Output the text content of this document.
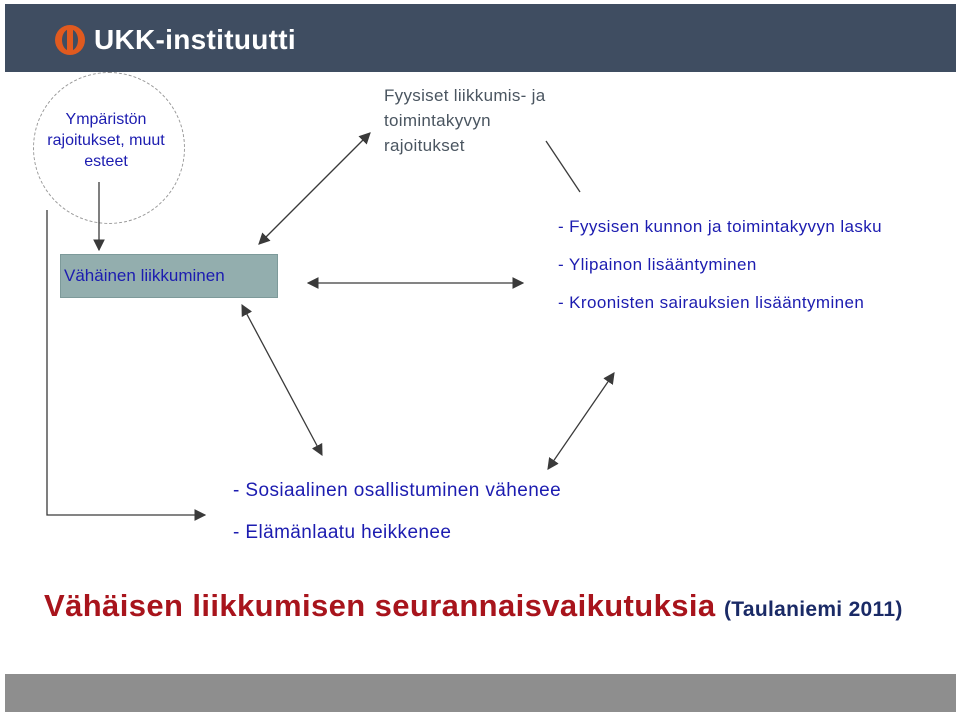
UKK-instituutti
Ympäristön rajoitukset, muut esteet
Vähäinen liikkuminen
Fyysiset liikkumis- ja toimintakyvyn rajoitukset
- Fyysisen kunnon ja toimintakyvyn lasku
- Ylipainon lisääntyminen
- Kroonisten sairauksien lisääntyminen
- Sosiaalinen osallistuminen vähenee
- Elämänlaatu heikkenee
Vähäisen liikkumisen seurannaisvaikutuksia (Taulaniemi 2011)
